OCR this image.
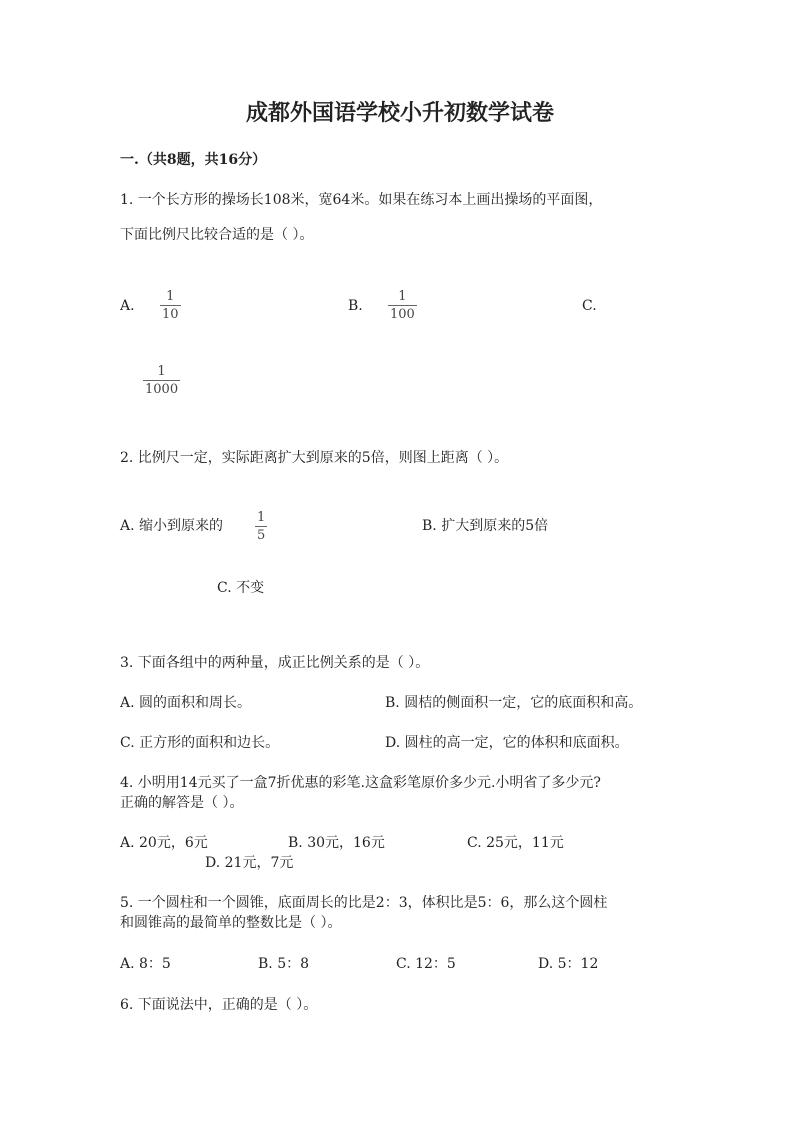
成都外国语学校小升初数学试卷
一.（共8题，共16分）
1. 一个长方形的操场长108米，宽64米。如果在练习本上画出操场的平面图，
下面比例尺比较合适的是（ ）。
A.
1
10
B.
1
100
C.
1
1000
2. 比例尺一定，实际距离扩大到原来的5倍，则图上距离（ ）。
A. 缩小到原来的
1
5
B. 扩大到原来的5倍
C. 不变
3. 下面各组中的两种量，成正比例关系的是（ ）。
A. 圆的面积和周长。	B. 圆桔的侧面积一定，它的底面积和高。
C. 正方形的面积和边长。	D. 圆柱的高一定，它的体积和底面积。
4. 小明用14元买了一盒7折优惠的彩笔.这盒彩笔原价多少元.小明省了多少元?
正确的解答是（ ）。
A. 20元，6元	B. 30元，16元	C. 25元，11元
D. 21元，7元
5. 一个圆柱和一个圆锥，底面周长的比是2：3，体积比是5：6，那么这个圆柱
和圆锥高的最简单的整数比是（ ）。
A. 8：5	B. 5：8	C. 12：5	D. 5：12
6. 下面说法中，正确的是（ ）。
